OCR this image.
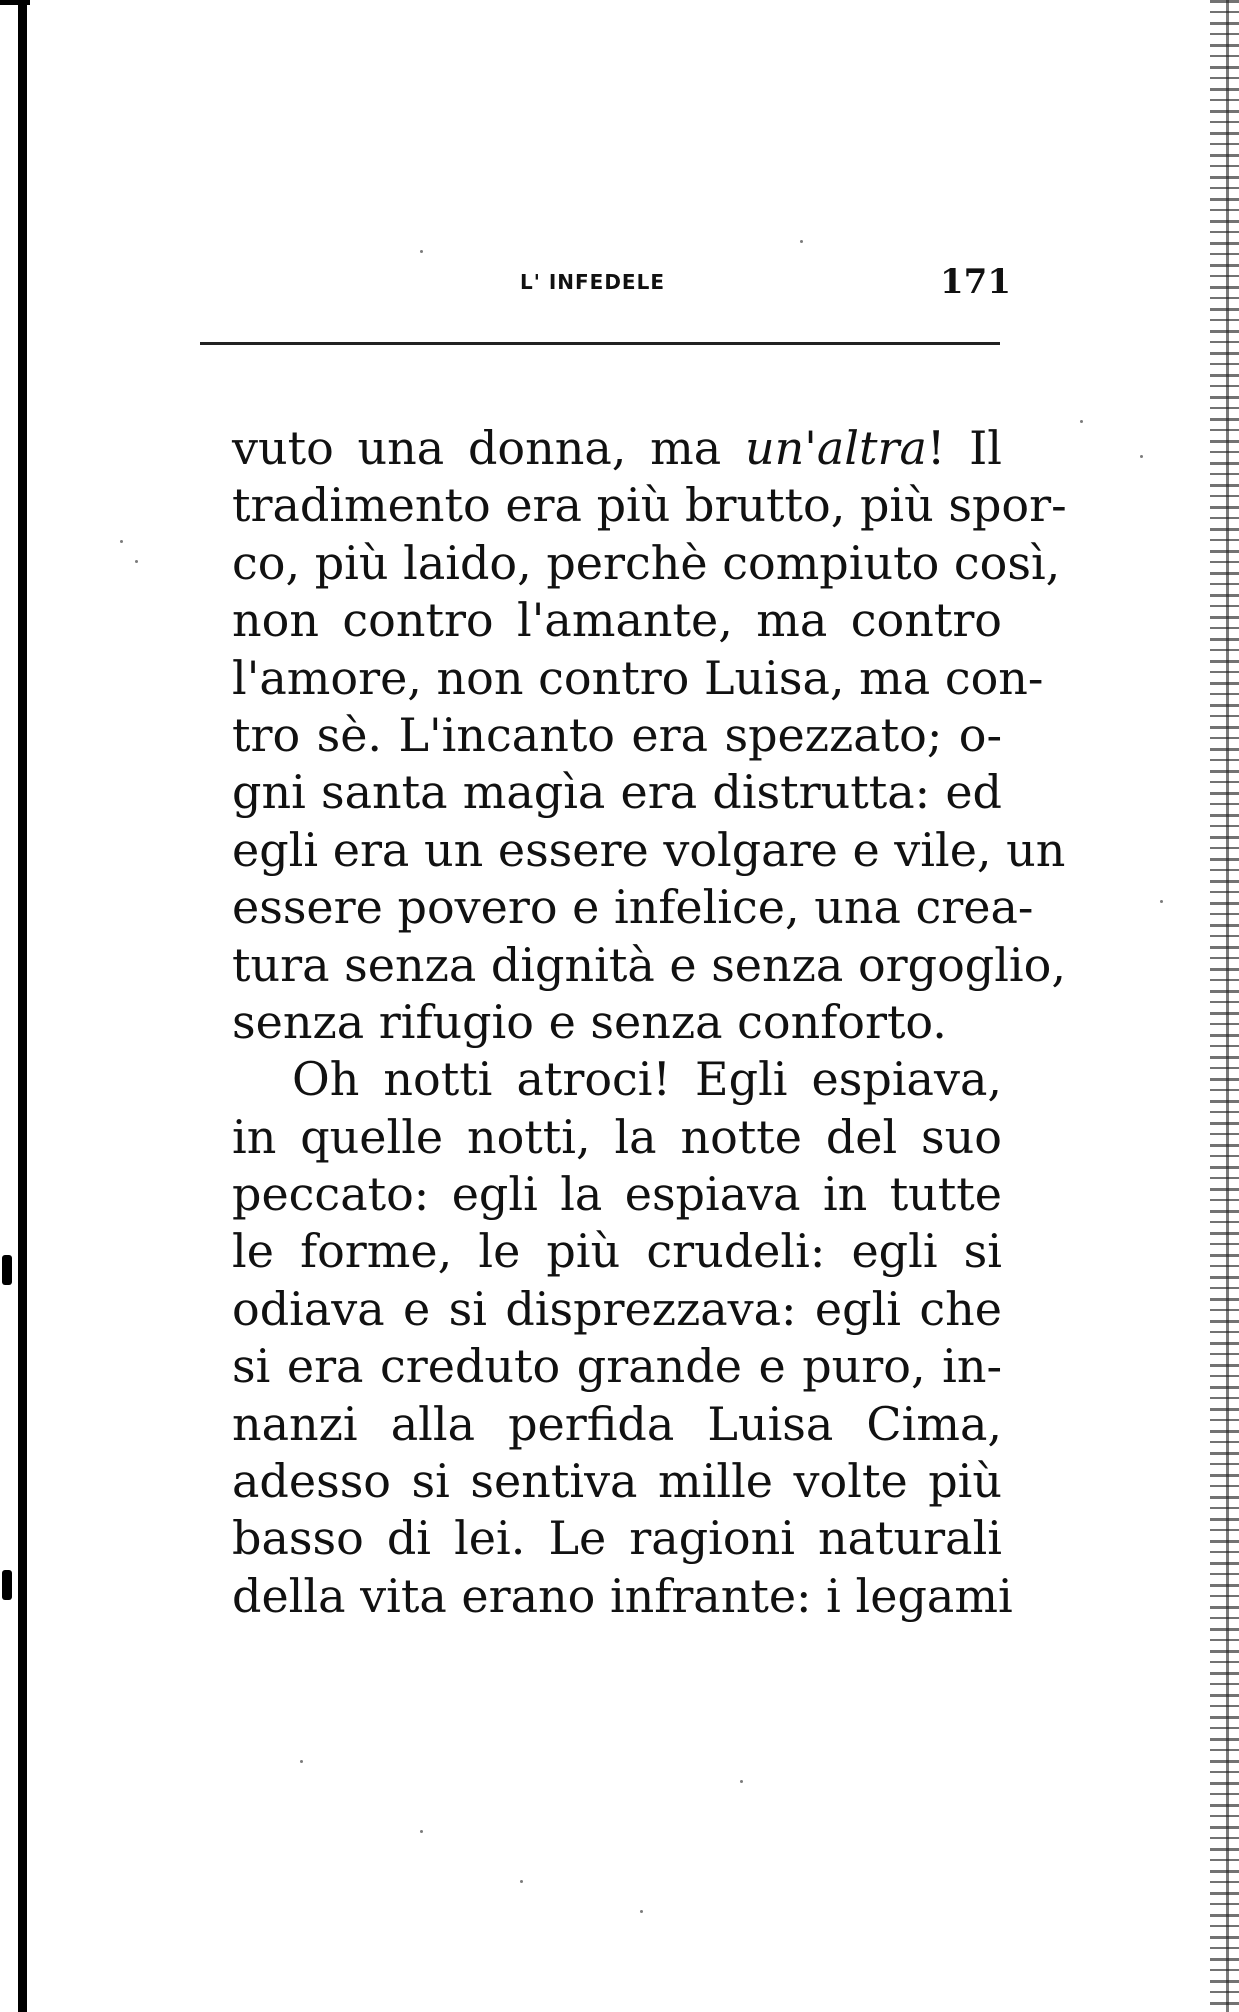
L' INFEDELE	171
vuto una donna, ma un'altra! Il
tradimento era più brutto, più spor-
co, più laido, perchè compiuto così,
non contro l'amante, ma contro
l'amore, non contro Luisa, ma con-
tro sè. L'incanto era spezzato; o-
gni santa magìa era distrutta: ed
egli era un essere volgare e vile, un
essere povero e infelice, una crea-
tura senza dignità e senza orgoglio,
senza rifugio e senza conforto.
Oh notti atroci! Egli espiava,
in quelle notti, la notte del suo
peccato: egli la espiava in tutte
le forme, le più crudeli: egli si
odiava e si disprezzava: egli che
si era creduto grande e puro, in-
nanzi alla perfida Luisa Cima,
adesso si sentiva mille volte più
basso di lei. Le ragioni naturali
della vita erano infrante: i legami
